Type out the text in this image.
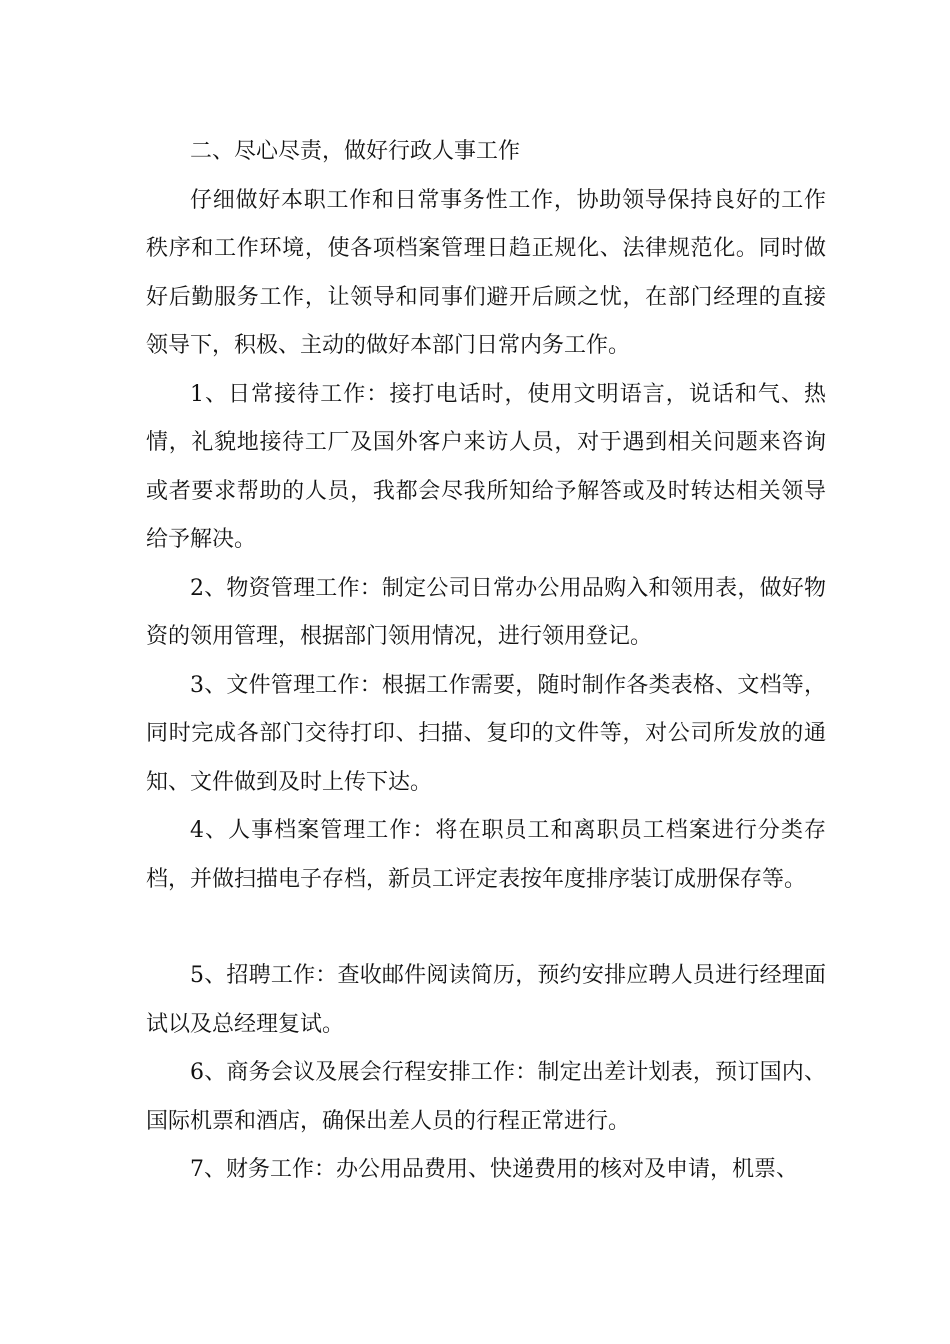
二、尽心尽责，做好行政人事工作

仔细做好本职工作和日常事务性工作，协助领导保持良好的工作秩序和工作环境，使各项档案管理日趋正规化、法律规范化。同时做好后勤服务工作，让领导和同事们避开后顾之忧，在部门经理的直接领导下，积极、主动的做好本部门日常内务工作。

1、日常接待工作：接打电话时，使用文明语言，说话和气、热情，礼貌地接待工厂及国外客户来访人员，对于遇到相关问题来咨询或者要求帮助的人员，我都会尽我所知给予解答或及时转达相关领导给予解决。

2、物资管理工作：制定公司日常办公用品购入和领用表，做好物资的领用管理，根据部门领用情况，进行领用登记。

3、文件管理工作：根据工作需要，随时制作各类表格、文档等，同时完成各部门交待打印、扫描、复印的文件等，对公司所发放的通知、文件做到及时上传下达。

4、人事档案管理工作：将在职员工和离职员工档案进行分类存档，并做扫描电子存档，新员工评定表按年度排序装订成册保存等。

5、招聘工作：查收邮件阅读简历，预约安排应聘人员进行经理面试以及总经理复试。

6、商务会议及展会行程安排工作：制定出差计划表，预订国内、国际机票和酒店，确保出差人员的行程正常进行。

7、财务工作：办公用品费用、快递费用的核对及申请，机票、
